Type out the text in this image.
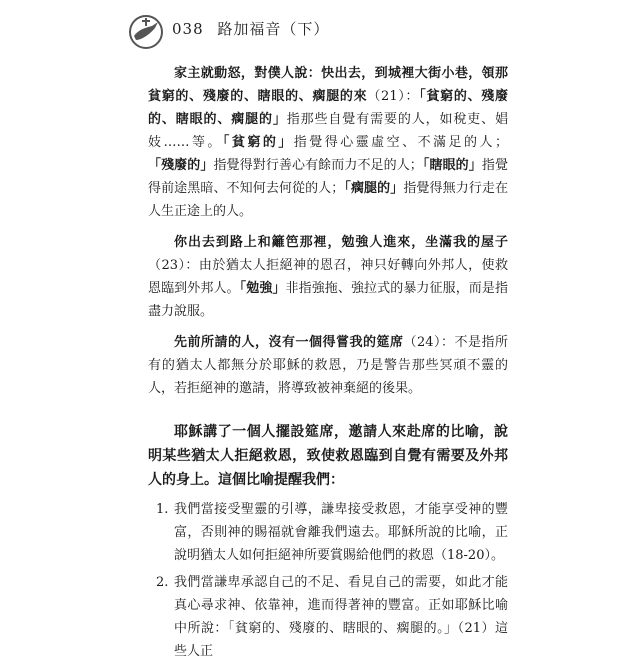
038 路加福音（下）

家主就動怒，對僕人說：快出去，到城裡大街小巷，領那貧窮的、殘廢的、瞎眼的、瘸腿的來（21）：「貧窮的、殘廢的、瞎眼的、瘸腿的」指那些自覺有需要的人，如稅吏、娼妓……等。「貧窮的」指覺得心靈虛空、不滿足的人；「殘廢的」指覺得對行善心有餘而力不足的人；「瞎眼的」指覺得前途黑暗、不知何去何從的人；「瘸腿的」指覺得無力行走在人生正途上的人。

你出去到路上和籬笆那裡，勉強人進來，坐滿我的屋子（23）：由於猶太人拒絕神的恩召，神只好轉向外邦人，使救恩臨到外邦人。「勉強」非指強拖、強拉式的暴力征服，而是指盡力說服。

先前所請的人，沒有一個得嘗我的筵席（24）：不是指所有的猶太人都無分於耶穌的救恩，乃是警告那些冥頑不靈的人，若拒絕神的邀請，將導致被神棄絕的後果。

耶穌講了一個人擺設筵席，邀請人來赴席的比喻，說明某些猶太人拒絕救恩，致使救恩臨到自覺有需要及外邦人的身上。這個比喻提醒我們：

1. 我們當接受聖靈的引導，謙卑接受救恩，才能享受神的豐富，否則神的賜福就會離我們遠去。耶穌所說的比喻，正說明猶太人如何拒絕神所要賞賜給他們的救恩（18-20）。
2. 我們當謙卑承認自己的不足、看見自己的需要，如此才能真心尋求神、依靠神，進而得著神的豐富。正如耶穌比喻中所說：「貧窮的、殘廢的、瞎眼的、瘸腿的。」（21）這些人正
